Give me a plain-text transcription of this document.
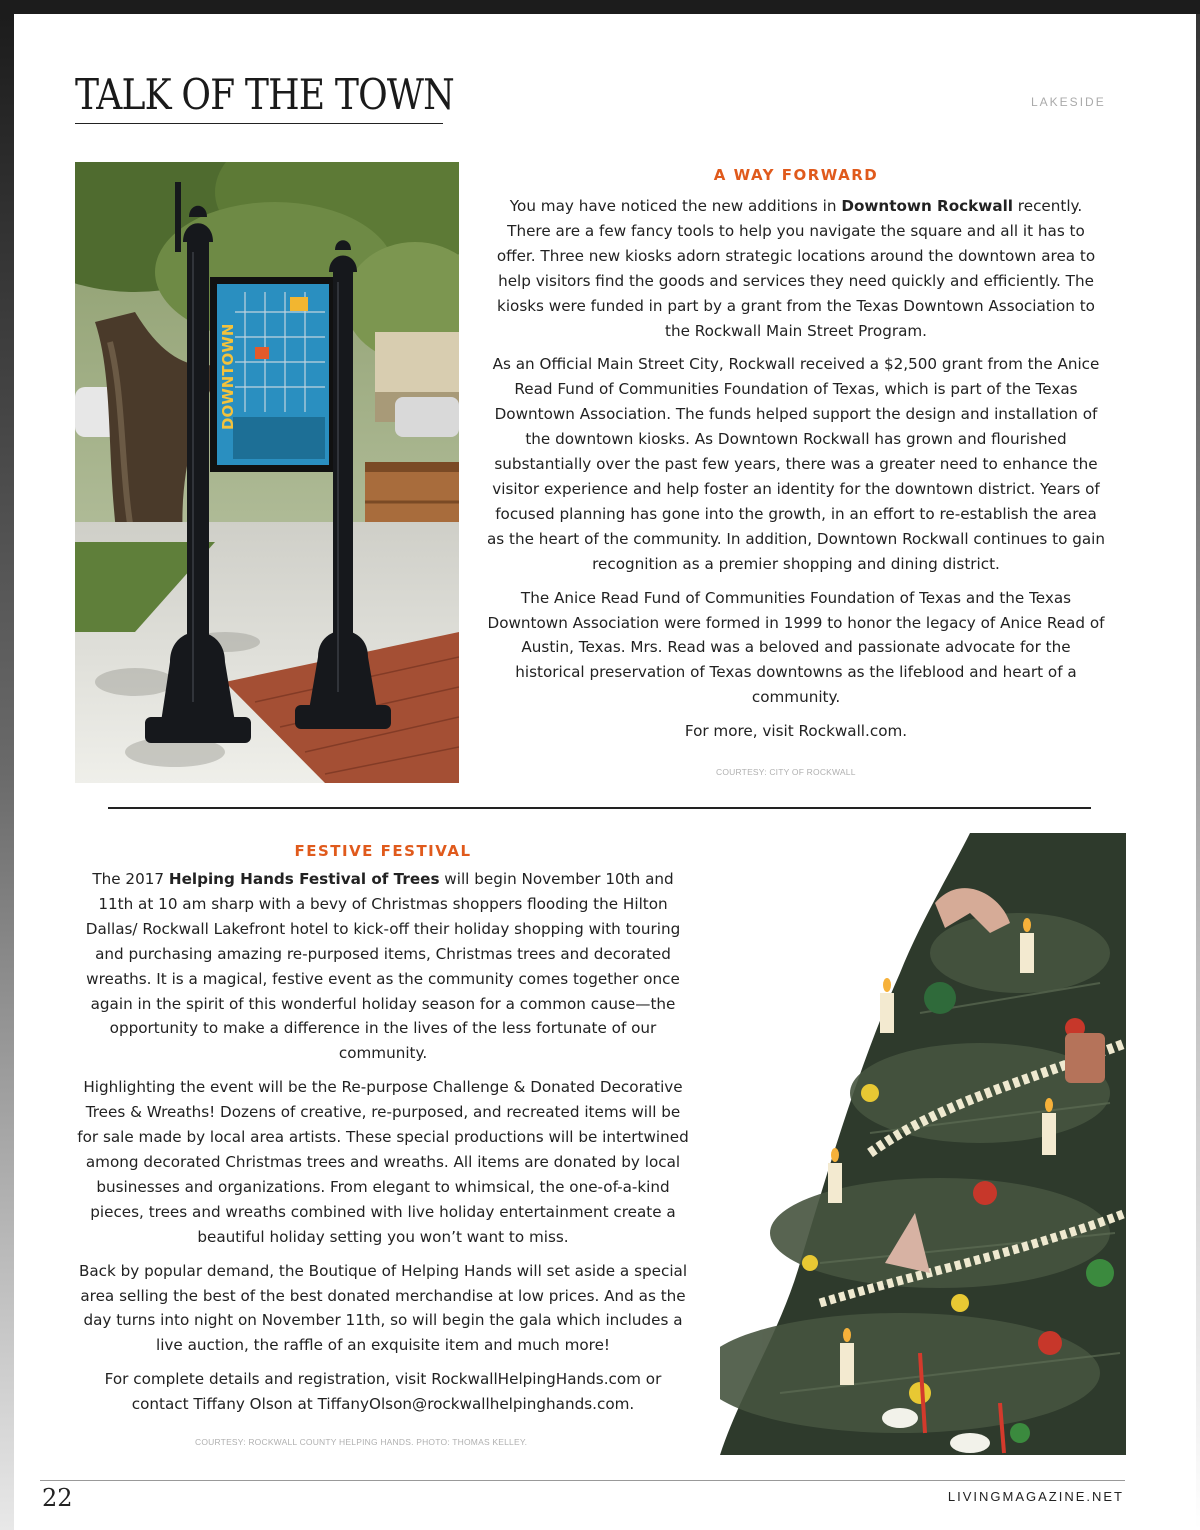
TALK OF THE TOWN	LAKESIDE
DOWNTOWN
A WAY FORWARD

You may have noticed the new additions in Downtown Rockwall recently. There are a few fancy tools to help you navigate the square and all it has to offer. Three new kiosks adorn strategic locations around the downtown area to help visitors find the goods and services they need quickly and efficiently. The kiosks were funded in part by a grant from the Texas Downtown Association to the Rockwall Main Street Program.

As an Official Main Street City, Rockwall received a $2,500 grant from the Anice Read Fund of Communities Foundation of Texas, which is part of the Texas Downtown Association. The funds helped support the design and installation of the downtown kiosks. As Downtown Rockwall has grown and flourished substantially over the past few years, there was a greater need to enhance the visitor experience and help foster an identity for the downtown district. Years of focused planning has gone into the growth, in an effort to re-establish the area as the heart of the community. In addition, Downtown Rockwall continues to gain recognition as a premier shopping and dining district.

The Anice Read Fund of Communities Foundation of Texas and the Texas Downtown Association were formed in 1999 to honor the legacy of Anice Read of Austin, Texas. Mrs. Read was a beloved and passionate advocate for the historical preservation of Texas downtowns as the lifeblood and heart of a community.

For more, visit Rockwall.com.

COURTESY: CITY OF ROCKWALL
FESTIVE FESTIVAL

The 2017 Helping Hands Festival of Trees will begin November 10th and 11th at 10 am sharp with a bevy of Christmas shoppers flooding the Hilton Dallas/ Rockwall Lakefront hotel to kick-off their holiday shopping with touring and purchasing amazing re-purposed items, Christmas trees and decorated wreaths. It is a magical, festive event as the community comes together once again in the spirit of this wonderful holiday season for a common cause—the opportunity to make a difference in the lives of the less fortunate of our community.

Highlighting the event will be the Re-purpose Challenge & Donated Decorative Trees & Wreaths! Dozens of creative, re-purposed, and recreated items will be for sale made by local area artists. These special productions will be intertwined among decorated Christmas trees and wreaths. All items are donated by local businesses and organizations. From elegant to whimsical, the one-of-a-kind pieces, trees and wreaths combined with live holiday entertainment create a beautiful holiday setting you won’t want to miss.

Back by popular demand, the Boutique of Helping Hands will set aside a special area selling the best of the best donated merchandise at low prices. And as the day turns into night on November 11th, so will begin the gala which includes a live auction, the raffle of an exquisite item and much more!

For complete details and registration, visit RockwallHelpingHands.com or contact Tiffany Olson at TiffanyOlson@rockwallhelpinghands.com.

COURTESY: ROCKWALL COUNTY HELPING HANDS. PHOTO: THOMAS KELLEY.
22	LIVINGMAGAZINE.NET
